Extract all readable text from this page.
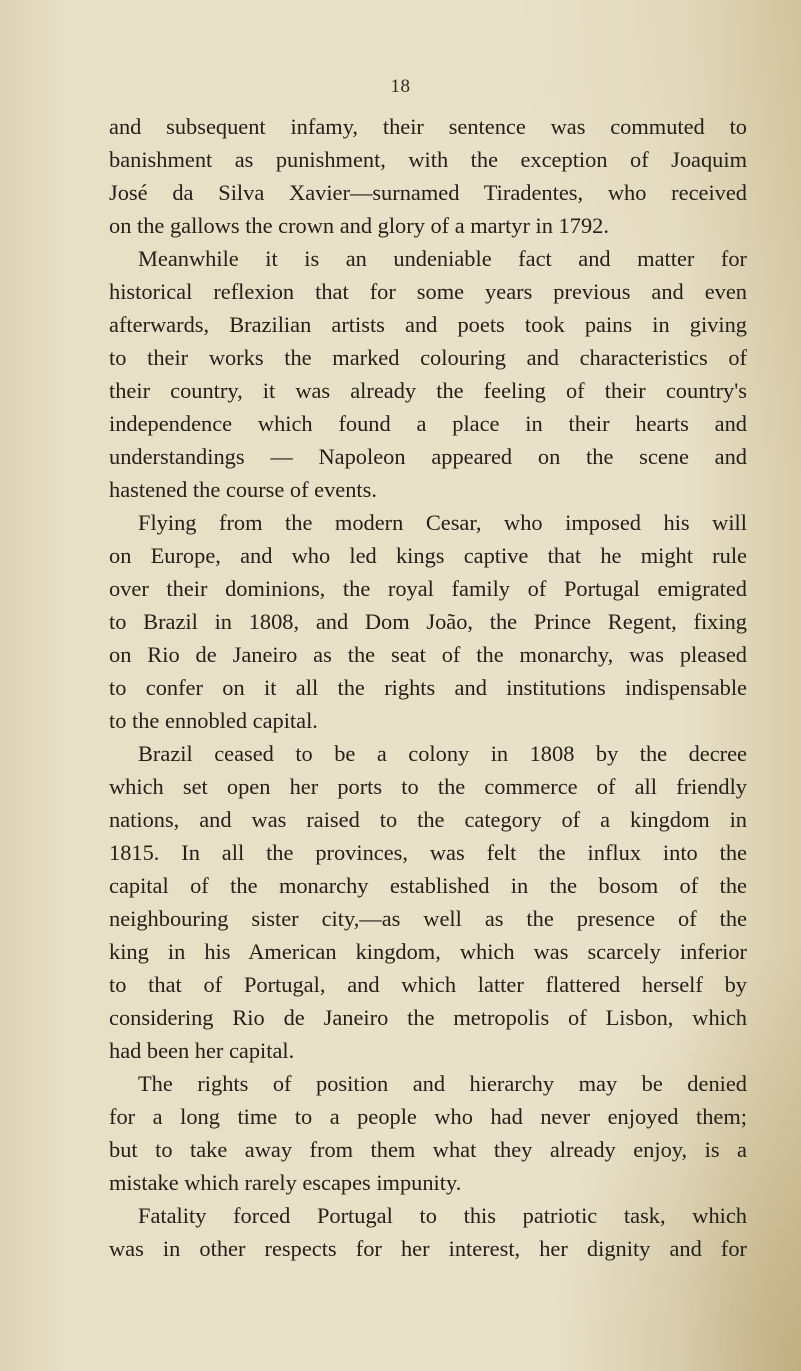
18
and subsequent infamy, their sentence was commuted to
banishment as punishment, with the exception of Joaquim
José da Silva Xavier—surnamed Tiradentes, who received
on the gallows the crown and glory of a martyr in 1792.
Meanwhile it is an undeniable fact and matter for
historical reflexion that for some years previous and even
afterwards, Brazilian artists and poets took pains in giving
to their works the marked colouring and characteristics of
their country, it was already the feeling of their country's
independence which found a place in their hearts and
understandings — Napoleon appeared on the scene and
hastened the course of events.
Flying from the modern Cesar, who imposed his will
on Europe, and who led kings captive that he might rule
over their dominions, the royal family of Portugal emigrated
to Brazil in 1808, and Dom João, the Prince Regent, fixing
on Rio de Janeiro as the seat of the monarchy, was pleased
to confer on it all the rights and institutions indispensable
to the ennobled capital.
Brazil ceased to be a colony in 1808 by the decree
which set open her ports to the commerce of all friendly
nations, and was raised to the category of a kingdom in
1815. In all the provinces, was felt the influx into the
capital of the monarchy established in the bosom of the
neighbouring sister city,—as well as the presence of the
king in his American kingdom, which was scarcely inferior
to that of Portugal, and which latter flattered herself by
considering Rio de Janeiro the metropolis of Lisbon, which
had been her capital.
The rights of position and hierarchy may be denied
for a long time to a people who had never enjoyed them;
but to take away from them what they already enjoy, is a
mistake which rarely escapes impunity.
Fatality forced Portugal to this patriotic task, which
was in other respects for her interest, her dignity and for
